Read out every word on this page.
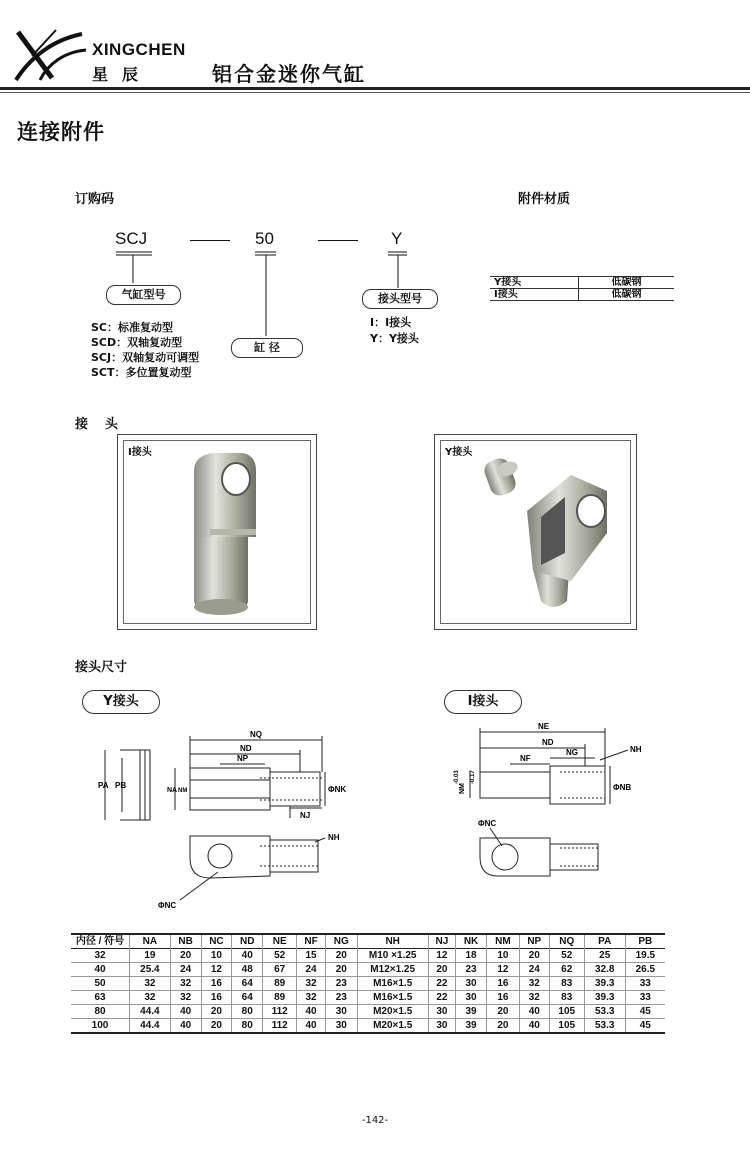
XINGCHEN
星辰	铝合金迷你气缸
连接附件
订购码	附件材质
SCJ	50	Y
气缸型号
SC：标准复动型
SCD：双轴复动型
SCJ：双轴复动可调型
SCT：多位置复动型
缸 径
接头型号
I：I接头
Y：Y接头
Y接头	低碳钢
I接头	低碳钢
接　头
I接头	Y接头
接头尺寸
Y接头	I接头
PA PB
NQ
ND
NP
NA NM	ΦNK
NJ
NH
ΦNC
NE
ND
NF
NG	NH
ΦNB
ΦNC
NM
-0.03 -0.17
内径 / 符号	NA	NB	NC	ND	NE	NF	NG	NH	NJ	NK	NM	NP	NQ	PA	PB
32	19	20	10	40	52	15	20	M10 ×1.25	12	18	10	20	52	25	19.5
40	25.4	24	12	48	67	24	20	M12×1.25	20	23	12	24	62	32.8	26.5
50	32	32	16	64	89	32	23	M16×1.5	22	30	16	32	83	39.3	33
63	32	32	16	64	89	32	23	M16×1.5	22	30	16	32	83	39.3	33
80	44.4	40	20	80	112	40	30	M20×1.5	30	39	20	40	105	53.3	45
100	44.4	40	20	80	112	40	30	M20×1.5	30	39	20	40	105	53.3	45
-142-
